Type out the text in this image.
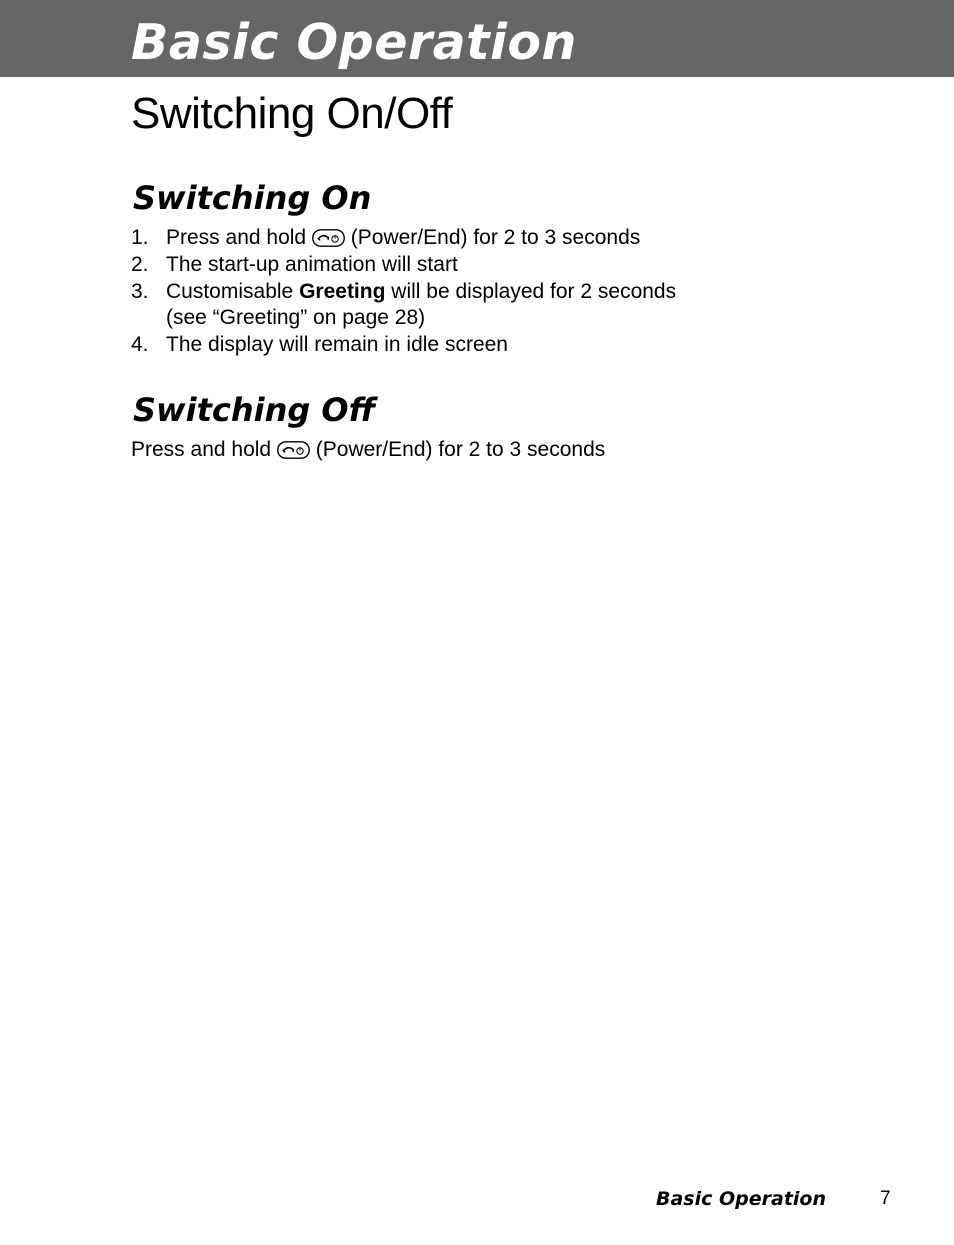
Basic Operation
Switching On/Off
Switching On
1. Press and hold (Power/End) for 2 to 3 seconds
2. The start-up animation will start
3. Customisable Greeting will be displayed for 2 seconds
(see “Greeting” on page 28)
4. The display will remain in idle screen
Switching Off

Press and hold (Power/End) for 2 to 3 seconds

Basic Operation	7
